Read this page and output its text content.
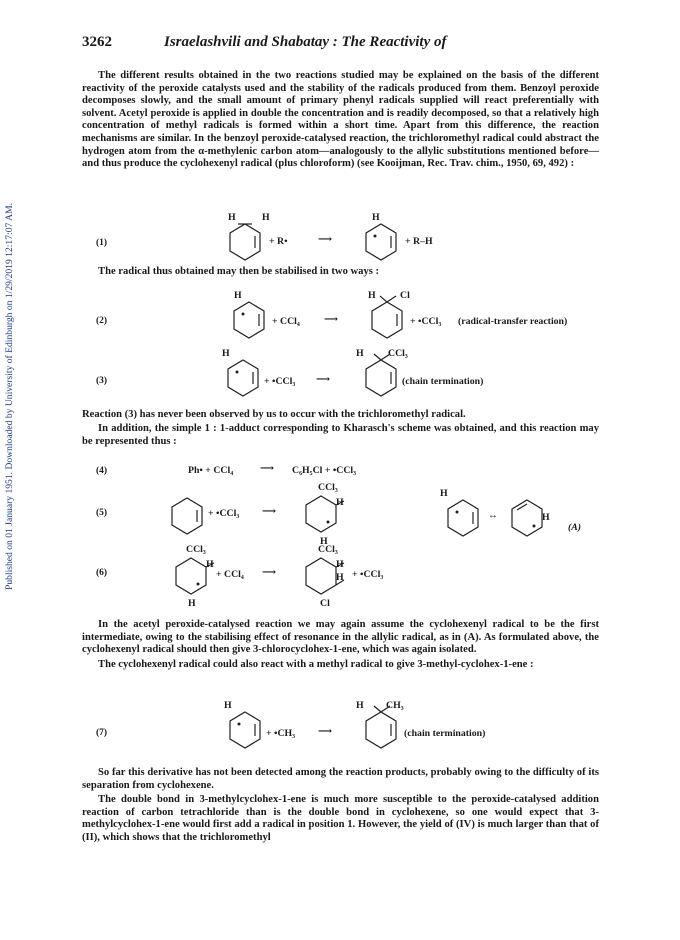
Published on 01 January 1951. Downloaded by University of Edinburgh on 1/29/2019 12:17:07 AM.
3262	Israelashvili and Shabatay : The Reactivity of

The different results obtained in the two reactions studied may be explained on the basis of the different reactivity of the peroxide catalysts used and the stability of the radicals produced from them. Benzoyl peroxide decomposes slowly, and the small amount of primary phenyl radicals supplied will react preferentially with solvent. Acetyl peroxide is applied in double the concentration and is readily decomposed, so that a relatively high concentration of methyl radicals is formed within a short time. Apart from this difference, the reaction mechanisms are similar. In the benzoyl peroxide-catalysed reaction, the trichloromethyl radical could abstract the hydrogen atom from the α-methylenic carbon atom—analogously to the allylic substitutions mentioned before—and thus produce the cyclohexenyl radical (plus chloroform) (see Kooijman, Rec. Trav. chim., 1950, 69, 492) :

(1)
H	H
+ R•	⟶
H
+ R–H

The radical thus obtained may then be stabilised in two ways :

(2)
H
+ CCl₄ ⟶
H Cl
+ •CCl₃ (radical-transfer reaction)
(3)
H
+ •CCl₃ ⟶
H CCl₃
(chain termination)

Reaction (3) has never been observed by us to occur with the trichloromethyl radical.

In addition, the simple 1 : 1-adduct corresponding to Kharasch's scheme was obtained, and this reaction may be represented thus :

(4)	Ph• + CCl₄	⟶ C₆H₅Cl + •CCl₃
(5)	+ •CCl₃ ⟶
CCl₃
H
H
H
↔	H
(A)
(6)
CCl₃
H
H
+ CCl₄ ⟶
CCl₃
H
H
Cl
+ •CCl₃

In the acetyl peroxide-catalysed reaction we may again assume the cyclohexenyl radical to be the first intermediate, owing to the stabilising effect of resonance in the allylic radical, as in (A). As formulated above, the cyclohexenyl radical should then give 3-chlorocyclohex-1-ene, which was again isolated.

The cyclohexenyl radical could also react with a methyl radical to give 3-methyl-cyclohex-1-ene :

(7)
H
+ •CH₃ ⟶
H CH₃
(chain termination)

So far this derivative has not been detected among the reaction products, probably owing to the difficulty of its separation from cyclohexene.

The double bond in 3-methylcyclohex-1-ene is much more susceptible to the peroxide-catalysed addition reaction of carbon tetrachloride than is the double bond in cyclohexene, so one would expect that 3-methylcyclohex-1-ene would first add a radical in position 1. However, the yield of (IV) is much larger than that of (II), which shows that the trichloromethyl
